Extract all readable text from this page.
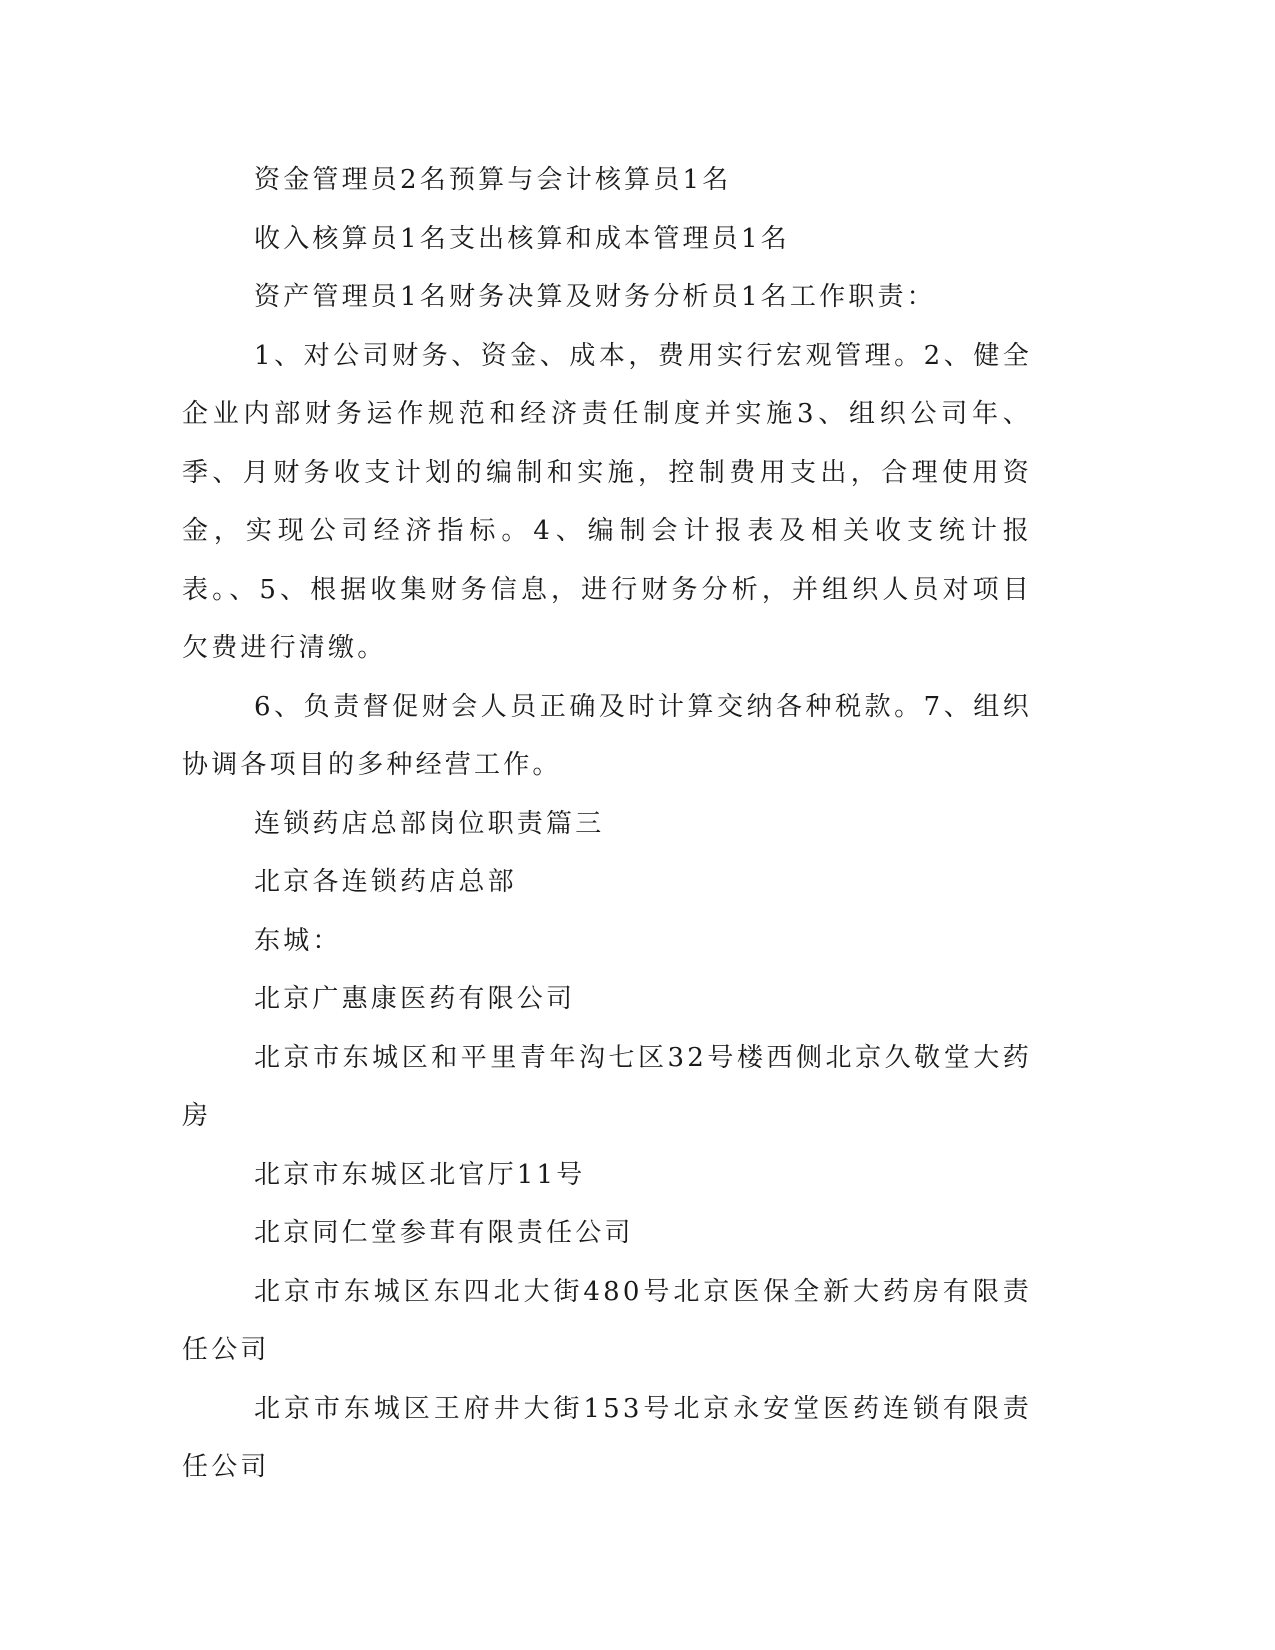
资金管理员2名预算与会计核算员1名

收入核算员1名支出核算和成本管理员1名

资产管理员1名财务决算及财务分析员1名工作职责：

1、对公司财务、资金、成本，费用实行宏观管理。2、健全企业内部财务运作规范和经济责任制度并实施3、组织公司年、季、月财务收支计划的编制和实施，控制费用支出，合理使用资金，实现公司经济指标。4、编制会计报表及相关收支统计报表。、5、根据收集财务信息，进行财务分析，并组织人员对项目欠费进行清缴。

6、负责督促财会人员正确及时计算交纳各种税款。7、组织协调各项目的多种经营工作。

连锁药店总部岗位职责篇三

北京各连锁药店总部

东城：

北京广惠康医药有限公司

北京市东城区和平里青年沟七区32号楼西侧北京久敬堂大药房

北京市东城区北官厅11号

北京同仁堂参茸有限责任公司

北京市东城区东四北大街480号北京医保全新大药房有限责任公司

北京市东城区王府井大街153号北京永安堂医药连锁有限责任公司
